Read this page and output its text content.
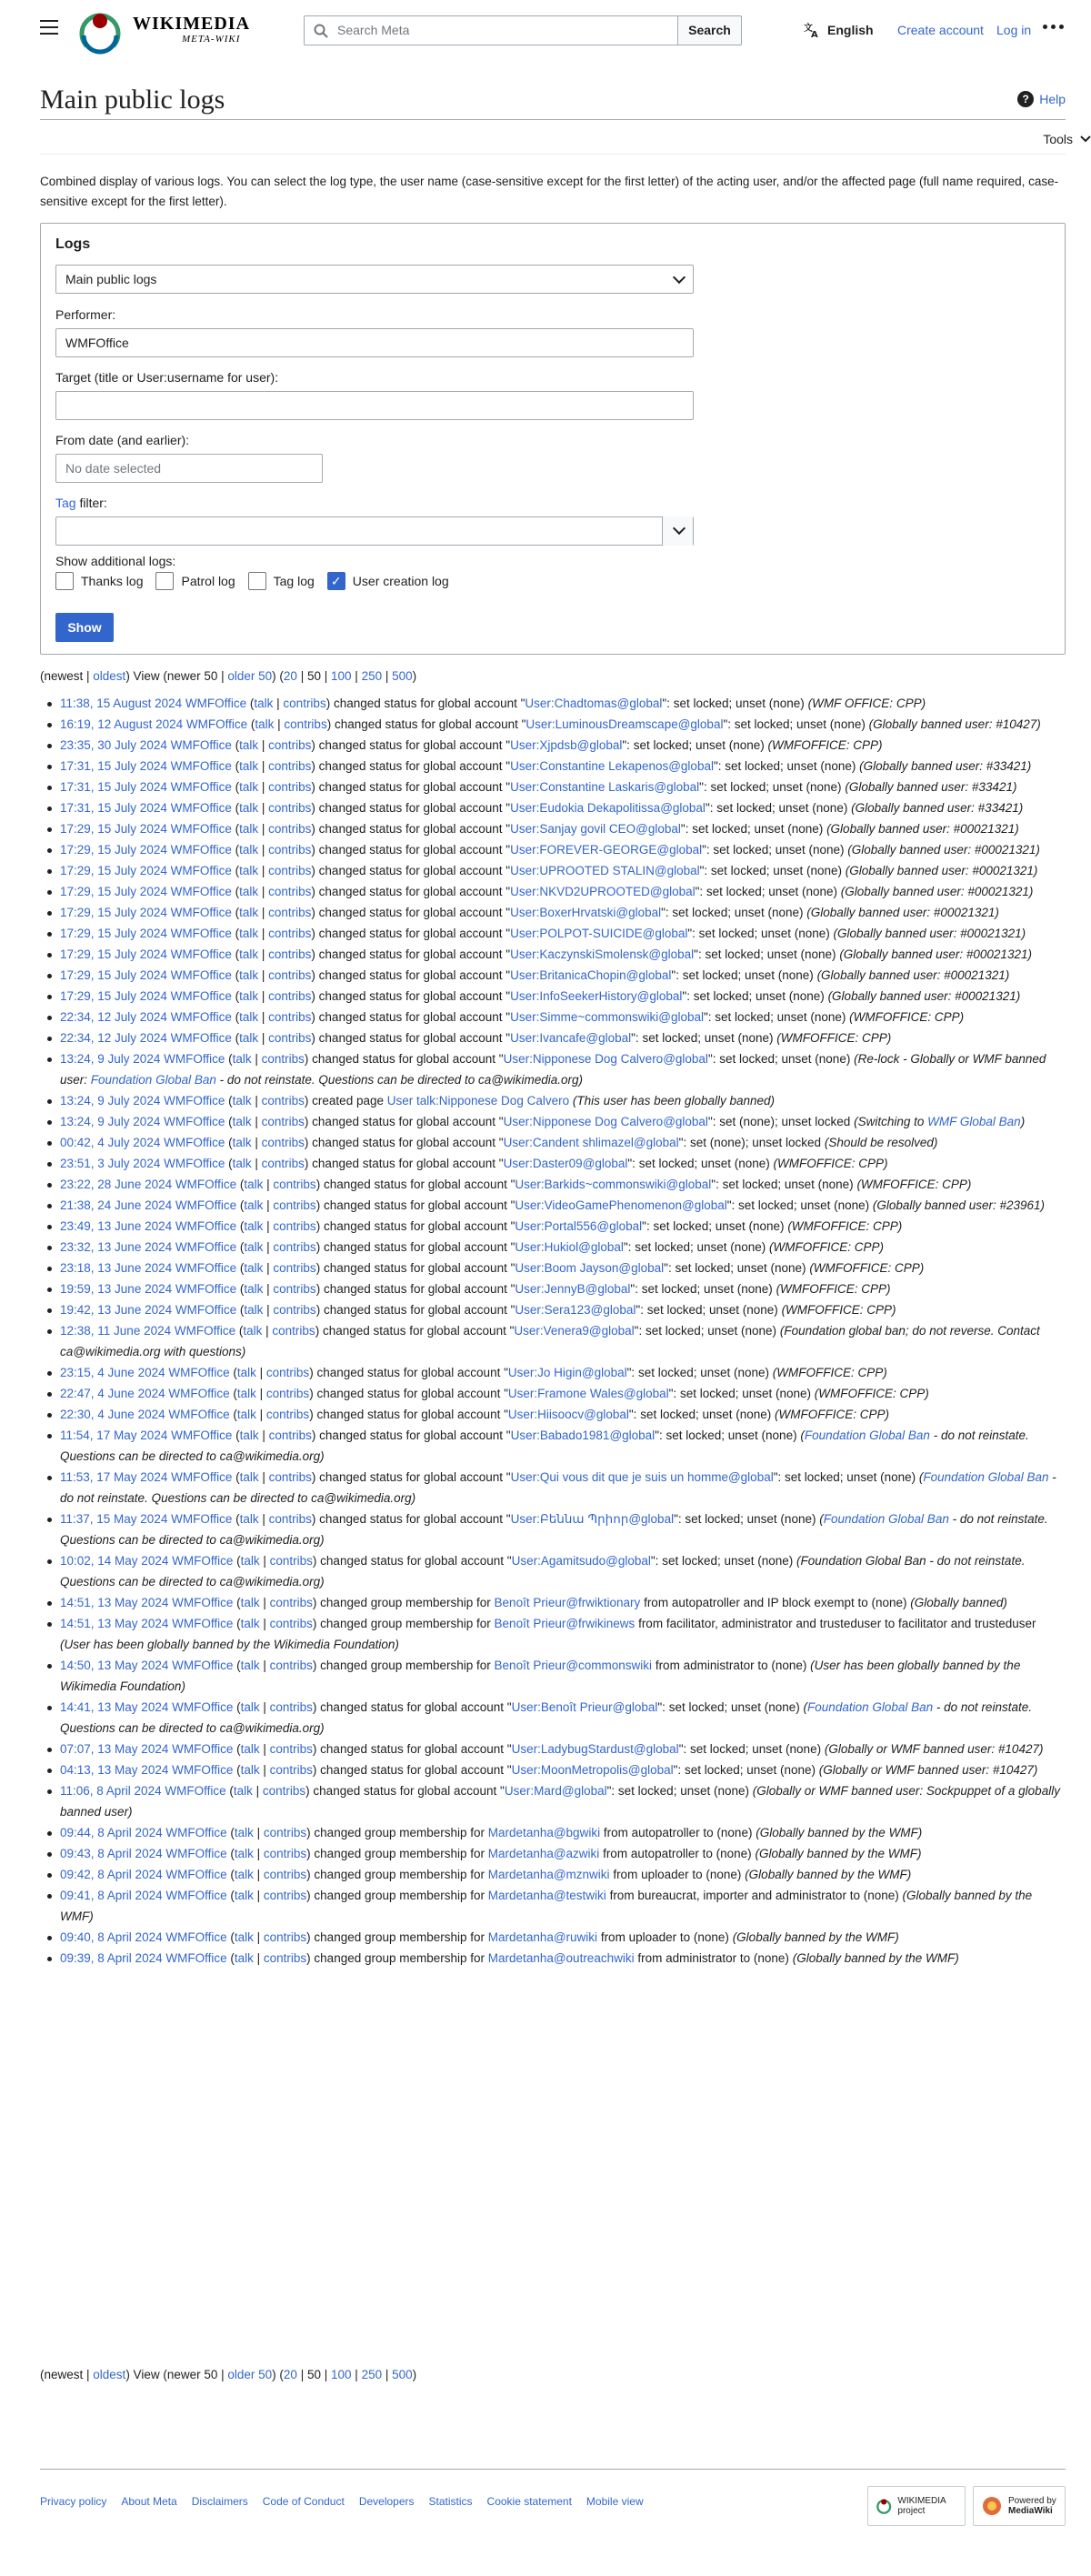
WIKIMEDIA
META-WIKI
Search Meta	Search	文
A English Create account Log in
Main public logs	? Help
Tools

Combined display of various logs. You can select the log type, the user name (case-sensitive except for the first letter) of the acting user, and/or the affected page (full name required, case-sensitive except for the first letter).

Logs
Main public logs
Performer:
WMFOffice
Target (title or User:username for user):
From date (and earlier):
No date selected
Tag filter:
Show additional logs:
Thanks log	Patrol log	Tag log ✓ User creation log
Show
(newest | oldest) View (newer 50 | older 50) (20 | 50 | 100 | 250 | 500)
11:38, 15 August 2024 WMFOffice (talk | contribs) changed status for global account "User:Chadtomas@global": set locked; unset (none) (WMF OFFICE: CPP)
16:19, 12 August 2024 WMFOffice (talk | contribs) changed status for global account "User:LuminousDreamscape@global": set locked; unset (none) (Globally banned user: #10427)
23:35, 30 July 2024 WMFOffice (talk | contribs) changed status for global account "User:Xjpdsb@global": set locked; unset (none) (WMFOFFICE: CPP)
17:31, 15 July 2024 WMFOffice (talk | contribs) changed status for global account "User:Constantine Lekapenos@global": set locked; unset (none) (Globally banned user: #33421)
17:31, 15 July 2024 WMFOffice (talk | contribs) changed status for global account "User:Constantine Laskaris@global": set locked; unset (none) (Globally banned user: #33421)
17:31, 15 July 2024 WMFOffice (talk | contribs) changed status for global account "User:Eudokia Dekapolitissa@global": set locked; unset (none) (Globally banned user: #33421)
17:29, 15 July 2024 WMFOffice (talk | contribs) changed status for global account "User:Sanjay govil CEO@global": set locked; unset (none) (Globally banned user: #00021321)
17:29, 15 July 2024 WMFOffice (talk | contribs) changed status for global account "User:FOREVER-GEORGE@global": set locked; unset (none) (Globally banned user: #00021321)
17:29, 15 July 2024 WMFOffice (talk | contribs) changed status for global account "User:UPROOTED STALIN@global": set locked; unset (none) (Globally banned user: #00021321)
17:29, 15 July 2024 WMFOffice (talk | contribs) changed status for global account "User:NKVD2UPROOTED@global": set locked; unset (none) (Globally banned user: #00021321)
17:29, 15 July 2024 WMFOffice (talk | contribs) changed status for global account "User:BoxerHrvatski@global": set locked; unset (none) (Globally banned user: #00021321)
17:29, 15 July 2024 WMFOffice (talk | contribs) changed status for global account "User:POLPOT-SUICIDE@global": set locked; unset (none) (Globally banned user: #00021321)
17:29, 15 July 2024 WMFOffice (talk | contribs) changed status for global account "User:KaczynskiSmolensk@global": set locked; unset (none) (Globally banned user: #00021321)
17:29, 15 July 2024 WMFOffice (talk | contribs) changed status for global account "User:BritanicaChopin@global": set locked; unset (none) (Globally banned user: #00021321)
17:29, 15 July 2024 WMFOffice (talk | contribs) changed status for global account "User:InfoSeekerHistory@global": set locked; unset (none) (Globally banned user: #00021321)
22:34, 12 July 2024 WMFOffice (talk | contribs) changed status for global account "User:Simme~commonswiki@global": set locked; unset (none) (WMFOFFICE: CPP)
22:34, 12 July 2024 WMFOffice (talk | contribs) changed status for global account "User:Ivancafe@global": set locked; unset (none) (WMFOFFICE: CPP)
13:24, 9 July 2024 WMFOffice (talk | contribs) changed status for global account "User:Nipponese Dog Calvero@global": set locked; unset (none) (Re-lock - Globally or WMF banned user: Foundation Global Ban - do not reinstate. Questions can be directed to ca@wikimedia.org)
13:24, 9 July 2024 WMFOffice (talk | contribs) created page User talk:Nipponese Dog Calvero (This user has been globally banned)
13:24, 9 July 2024 WMFOffice (talk | contribs) changed status for global account "User:Nipponese Dog Calvero@global": set (none); unset locked (Switching to WMF Global Ban)
00:42, 4 July 2024 WMFOffice (talk | contribs) changed status for global account "User:Candent shlimazel@global": set (none); unset locked (Should be resolved)
23:51, 3 July 2024 WMFOffice (talk | contribs) changed status for global account "User:Daster09@global": set locked; unset (none) (WMFOFFICE: CPP)
23:22, 28 June 2024 WMFOffice (talk | contribs) changed status for global account "User:Barkids~commonswiki@global": set locked; unset (none) (WMFOFFICE: CPP)
21:38, 24 June 2024 WMFOffice (talk | contribs) changed status for global account "User:VideoGamePhenomenon@global": set locked; unset (none) (Globally banned user: #23961)
23:49, 13 June 2024 WMFOffice (talk | contribs) changed status for global account "User:Portal556@global": set locked; unset (none) (WMFOFFICE: CPP)
23:32, 13 June 2024 WMFOffice (talk | contribs) changed status for global account "User:Hukiol@global": set locked; unset (none) (WMFOFFICE: CPP)
23:18, 13 June 2024 WMFOffice (talk | contribs) changed status for global account "User:Boom Jayson@global": set locked; unset (none) (WMFOFFICE: CPP)
19:59, 13 June 2024 WMFOffice (talk | contribs) changed status for global account "User:JennyB@global": set locked; unset (none) (WMFOFFICE: CPP)
19:42, 13 June 2024 WMFOffice (talk | contribs) changed status for global account "User:Sera123@global": set locked; unset (none) (WMFOFFICE: CPP)
12:38, 11 June 2024 WMFOffice (talk | contribs) changed status for global account "User:Venera9@global": set locked; unset (none) (Foundation global ban; do not reverse. Contact ca@wikimedia.org with questions)
23:15, 4 June 2024 WMFOffice (talk | contribs) changed status for global account "User:Jo Higin@global": set locked; unset (none) (WMFOFFICE: CPP)
22:47, 4 June 2024 WMFOffice (talk | contribs) changed status for global account "User:Framone Wales@global": set locked; unset (none) (WMFOFFICE: CPP)
22:30, 4 June 2024 WMFOffice (talk | contribs) changed status for global account "User:Hiisoocv@global": set locked; unset (none) (WMFOFFICE: CPP)
11:54, 17 May 2024 WMFOffice (talk | contribs) changed status for global account "User:Babado1981@global": set locked; unset (none) (Foundation Global Ban - do not reinstate. Questions can be directed to ca@wikimedia.org)
11:53, 17 May 2024 WMFOffice (talk | contribs) changed status for global account "User:Qui vous dit que je suis un homme@global": set locked; unset (none) (Foundation Global Ban - do not reinstate. Questions can be directed to ca@wikimedia.org)
11:37, 15 May 2024 WMFOffice (talk | contribs) changed status for global account "User:Բեննա Պրիոր@global": set locked; unset (none) (Foundation Global Ban - do not reinstate. Questions can be directed to ca@wikimedia.org)
10:02, 14 May 2024 WMFOffice (talk | contribs) changed status for global account "User:Agamitsudo@global": set locked; unset (none) (Foundation Global Ban - do not reinstate. Questions can be directed to ca@wikimedia.org)
14:51, 13 May 2024 WMFOffice (talk | contribs) changed group membership for Benoît Prieur@frwiktionary from autopatroller and IP block exempt to (none) (Globally banned)
14:51, 13 May 2024 WMFOffice (talk | contribs) changed group membership for Benoît Prieur@frwikinews from facilitator, administrator and trusteduser to facilitator and trusteduser (User has been globally banned by the Wikimedia Foundation)
14:50, 13 May 2024 WMFOffice (talk | contribs) changed group membership for Benoît Prieur@commonswiki from administrator to (none) (User has been globally banned by the Wikimedia Foundation)
14:41, 13 May 2024 WMFOffice (talk | contribs) changed status for global account "User:Benoît Prieur@global": set locked; unset (none) (Foundation Global Ban - do not reinstate. Questions can be directed to ca@wikimedia.org)
07:07, 13 May 2024 WMFOffice (talk | contribs) changed status for global account "User:LadybugStardust@global": set locked; unset (none) (Globally or WMF banned user: #10427)
04:13, 13 May 2024 WMFOffice (talk | contribs) changed status for global account "User:MoonMetropolis@global": set locked; unset (none) (Globally or WMF banned user: #10427)
11:06, 8 April 2024 WMFOffice (talk | contribs) changed status for global account "User:Mard@global": set locked; unset (none) (Globally or WMF banned user: Sockpuppet of a globally banned user)
09:44, 8 April 2024 WMFOffice (talk | contribs) changed group membership for Mardetanha@bgwiki from autopatroller to (none) (Globally banned by the WMF)
09:43, 8 April 2024 WMFOffice (talk | contribs) changed group membership for Mardetanha@azwiki from autopatroller to (none) (Globally banned by the WMF)
09:42, 8 April 2024 WMFOffice (talk | contribs) changed group membership for Mardetanha@mznwiki from uploader to (none) (Globally banned by the WMF)
09:41, 8 April 2024 WMFOffice (talk | contribs) changed group membership for Mardetanha@testwiki from bureaucrat, importer and administrator to (none) (Globally banned by the WMF)
09:40, 8 April 2024 WMFOffice (talk | contribs) changed group membership for Mardetanha@ruwiki from uploader to (none) (Globally banned by the WMF)
09:39, 8 April 2024 WMFOffice (talk | contribs) changed group membership for Mardetanha@outreachwiki from administrator to (none) (Globally banned by the WMF)
(newest | oldest) View (newer 50 | older 50) (20 | 50 | 100 | 250 | 500)
Privacy policy About Meta Disclaimers Code of Conduct Developers Statistics Cookie statement Mobile view	WIKIMEDIA project
Powered by
MediaWiki
